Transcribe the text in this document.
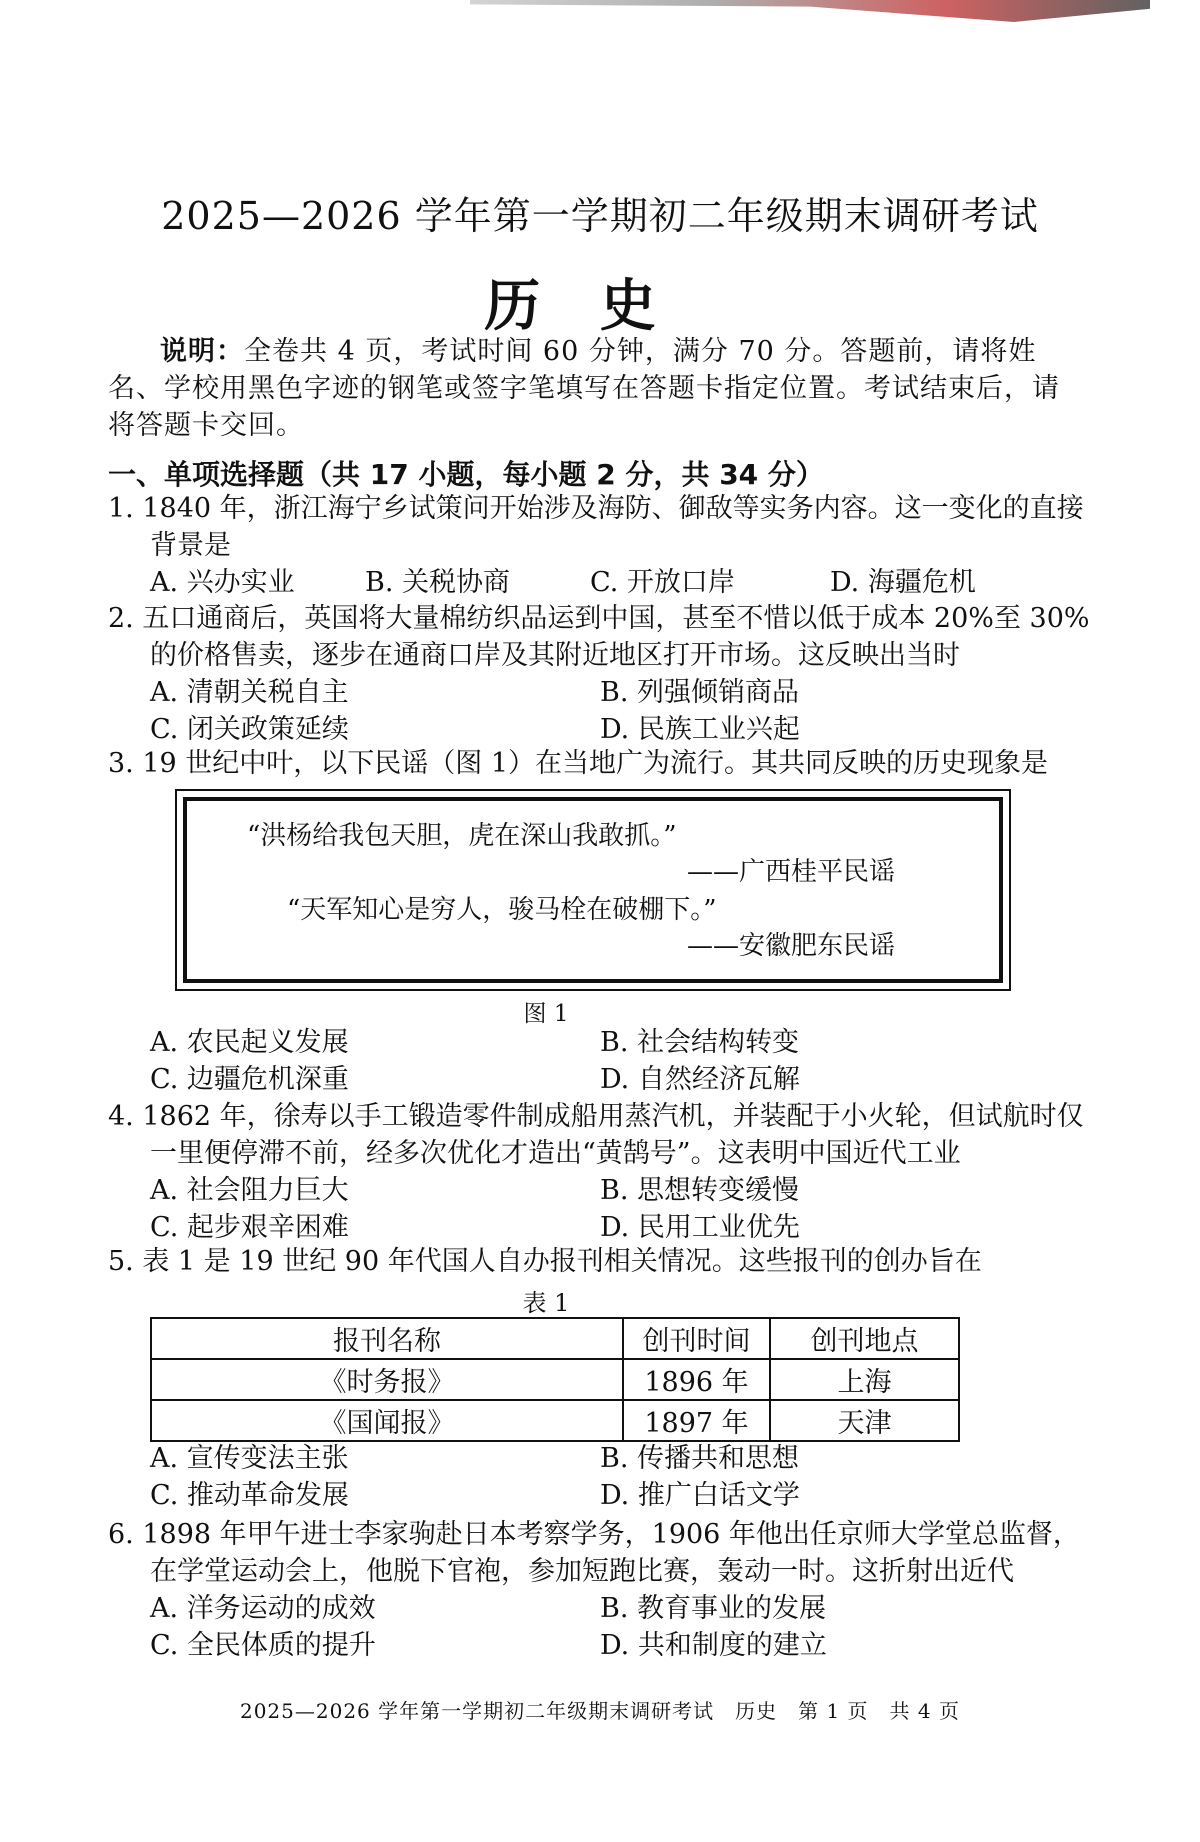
2025—2026 学年第一学期初二年级期末调研考试
历 史
说明：全卷共 4 页，考试时间 60 分钟，满分 70 分。答题前，请将姓名、学校用黑色字迹的钢笔或签字笔填写在答题卡指定位置。考试结束后，请将答题卡交回。
一、单项选择题（共 17 小题，每小题 2 分，共 34 分）
1. 1840 年，浙江海宁乡试策问开始涉及海防、御敌等实务内容。这一变化的直接背景是
A. 兴办实业	B. 关税协商	C. 开放口岸	D. 海疆危机
2. 五口通商后，英国将大量棉纺织品运到中国，甚至不惜以低于成本 20%至 30%的价格售卖，逐步在通商口岸及其附近地区打开市场。这反映出当时
A. 清朝关税自主	B. 列强倾销商品
C. 闭关政策延续	D. 民族工业兴起
3. 19 世纪中叶，以下民谣（图 1）在当地广为流行。其共同反映的历史现象是
“洪杨给我包天胆，虎在深山我敢抓。”
——广西桂平民谣
“天军知心是穷人，骏马栓在破棚下。”
——安徽肥东民谣
图 1
A. 农民起义发展	B. 社会结构转变
C. 边疆危机深重	D. 自然经济瓦解
4. 1862 年，徐寿以手工锻造零件制成船用蒸汽机，并装配于小火轮，但试航时仅一里便停滞不前，经多次优化才造出“黄鹄号”。这表明中国近代工业
A. 社会阻力巨大	B. 思想转变缓慢
C. 起步艰辛困难	D. 民用工业优先
5. 表 1 是 19 世纪 90 年代国人自办报刊相关情况。这些报刊的创办旨在
表 1
报刊名称	创刊时间	创刊地点
《时务报》	1896 年	上海
《国闻报》	1897 年	天津
A. 宣传变法主张	B. 传播共和思想
C. 推动革命发展	D. 推广白话文学
6. 1898 年甲午进士李家驹赴日本考察学务，1906 年他出任京师大学堂总监督，在学堂运动会上，他脱下官袍，参加短跑比赛，轰动一时。这折射出近代
A. 洋务运动的成效	B. 教育事业的发展
C. 全民体质的提升	D. 共和制度的建立
2025—2026 学年第一学期初二年级期末调研考试　历史　第 1 页　共 4 页
